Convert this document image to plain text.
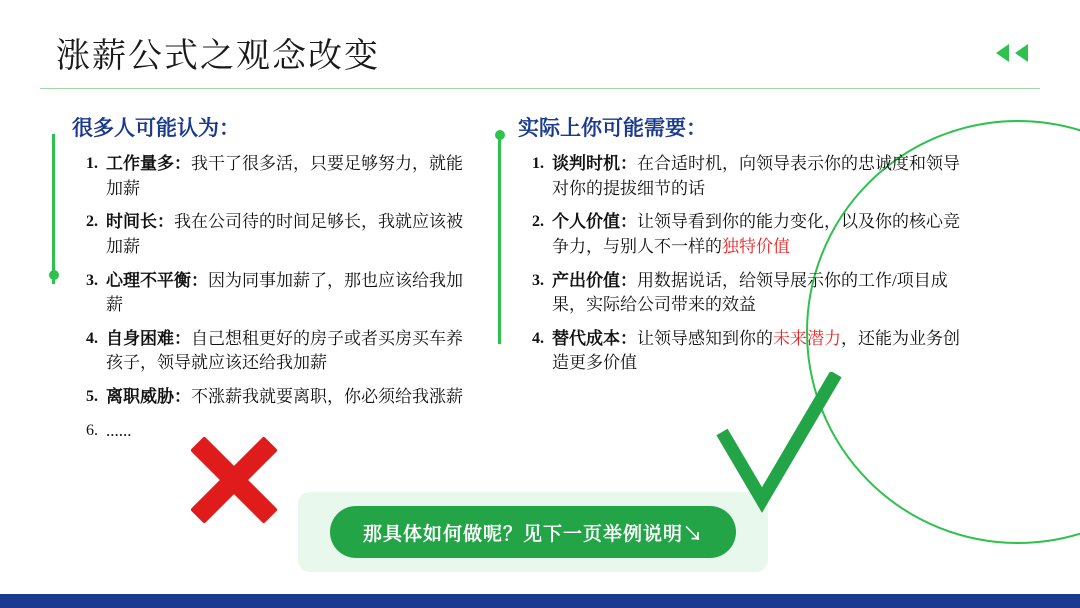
涨薪公式之观念改变
很多人可能认为：
1. 工作量多：我干了很多活，只要足够努力，就能加薪
2. 时间长：我在公司待的时间足够长，我就应该被加薪
3. 心理不平衡：因为同事加薪了，那也应该给我加薪
4. 自身困难：自己想租更好的房子或者买房买车养孩子，领导就应该还给我加薪
5. 离职威胁：不涨薪我就要离职，你必须给我涨薪
6. ......
实际上你可能需要：
1. 谈判时机：在合适时机，向领导表示你的忠诚度和领导对你的提拔细节的话
2. 个人价值：让领导看到你的能力变化，以及你的核心竞争力，与别人不一样的独特价值
3. 产出价值：用数据说话，给领导展示你的工作/项目成果，实际给公司带来的效益
4. 替代成本：让领导感知到你的未来潜力，还能为业务创造更多价值
那具体如何做呢？见下一页举例说明↘
